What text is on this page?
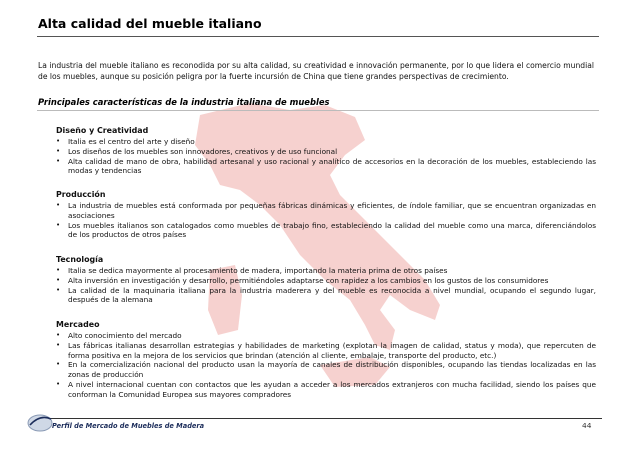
Alta calidad del mueble italiano
La industria del mueble italiano es reconodida por su alta calidad, su creatividad e innovación permanente, por lo que lidera el comercio mundial de los muebles, aunque su posición peligra por la fuerte incursión de China que tiene grandes perspectivas de crecimiento.
Principales características de la industria italiana de muebles
Diseño y Creatividad
• Italia es el centro del arte y diseño
• Los diseños de los muebles son innovadores, creativos y de uso funcional
• Alta calidad de mano de obra, habilidad artesanal y uso racional y analítico de accesorios en la decoración de los muebles, estableciendo las modas y tendencias
Producción
• La industria de muebles está conformada por pequeñas fábricas dinámicas y eficientes, de índole familiar, que se encuentran organizadas en asociaciones
• Los muebles italianos son catalogados como muebles de trabajo fino, estableciendo la calidad del mueble como una marca, diferenciándolos de los productos de otros países
Tecnología
• Italia se dedica mayormente al procesamiento de madera, importando la materia prima de otros países
• Alta inversión en investigación y desarrollo, permitiéndoles adaptarse con rapidez a los cambios en los gustos de los consumidores
• La calidad de la maquinaria italiana para la industria maderera y del mueble es reconocida a nivel mundial, ocupando el segundo lugar, después de la alemana
Mercadeo
• Alto conocimiento del mercado
• Las fábricas italianas desarrollan estrategias y habilidades de marketing (explotan la imagen de calidad, status y moda), que repercuten de forma positiva en la mejora de los servicios que brindan (atención al cliente, embalaje, transporte del producto, etc.)
• En la comercialización nacional del producto usan la mayoría de canales de distribución disponibles, ocupando las tiendas localizadas en las zonas de producción
• A nivel internacional cuentan con contactos que les ayudan a acceder a los mercados extranjeros con mucha facilidad, siendo los países que conforman la Comunidad Europea sus mayores compradores
Perfil de Mercado de Muebles de Madera	44
